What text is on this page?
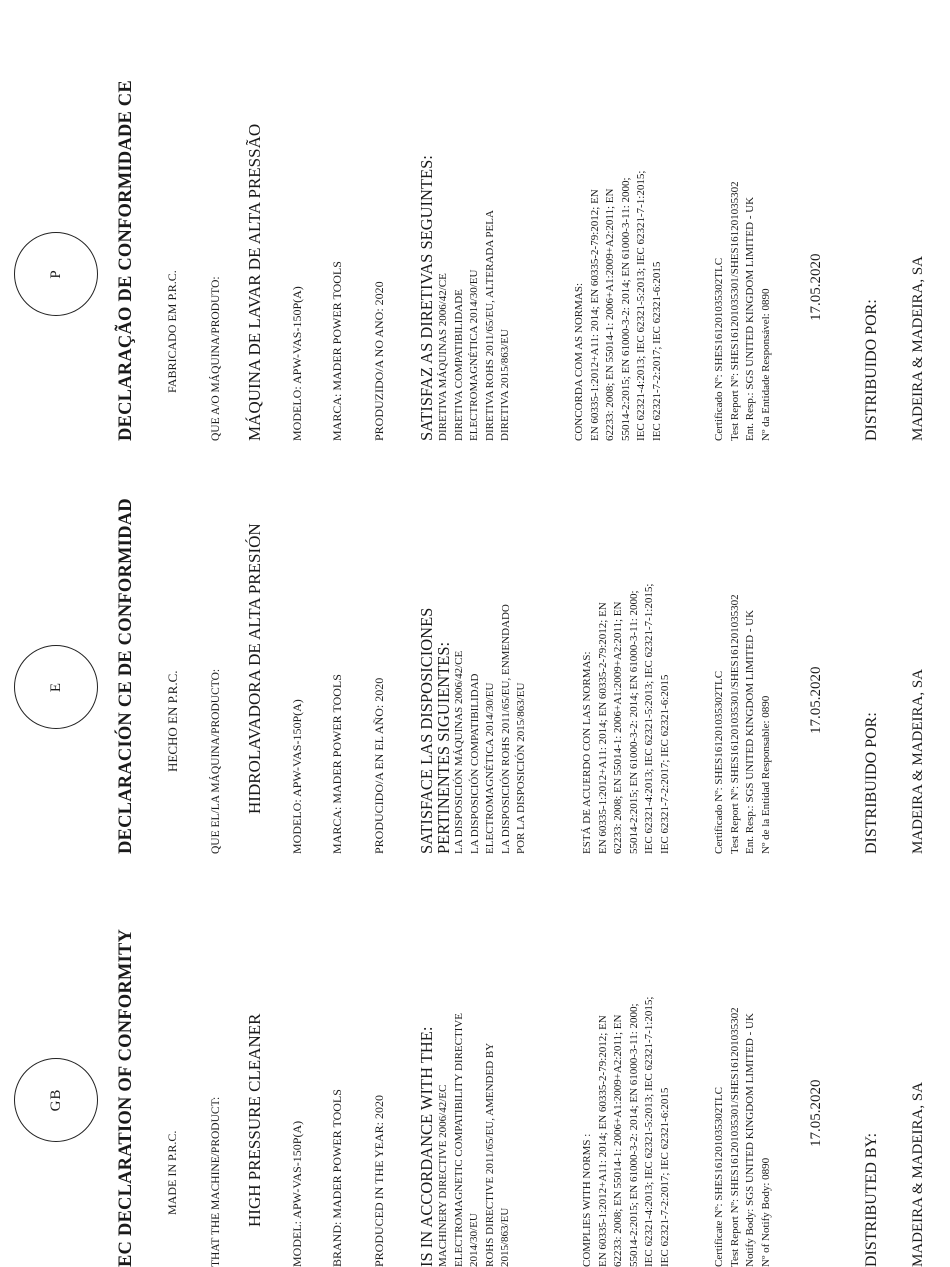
GB	EC DECLARATION OF CONFORMITY MADE IN P.R.C.	THAT THE MACHINE/PRODUCT: HIGH PRESSURE CLEANER MODEL: APW-VAS-150P(A) BRAND: MADER POWER TOOLS PRODUCED IN THE YEAR: 2020 IS IN ACCORDANCE WITH THE: MACHINERY DIRECTIVE 2006/42/EC ELECTROMAGNETIC COMPATIBILITY DIRECTIVE 2014/30/EU ROHS DIRECTIVE 2011/65/EU, AMENDED BY 2015/863/EU	COMPLIES WITH NORMS : EN 60335-1:2012+A11: 2014; EN 60335-2-79:2012; EN 62233: 2008; EN 55014-1: 2006+A1:2009+A2:2011; EN 55014-2:2015; EN 61000-3-2: 2014; EN 61000-3-11: 2000; IEC 62321-4:2013; IEC 62321-5:2013; IEC 62321-7-1:2015; IEC 62321-7-2:2017; IEC 62321-6:2015	Certificate Nº: SHES161201035302TLC Test Report Nº: SHES161201035301/SHES161201035302 Notify Body: SGS UNITED KINGDOM LIMITED - UK Nº of Notify Body: 0890
17.05.2020
DISTRIBUTED BY: MADEIRA & MADEIRA, SA
E	DECLARACIÓN CE DE CONFORMIDAD HECHO EN P.R.C.	QUE EL/LA MÁQUINA/PRODUCTO: HIDROLAVADORA DE ALTA PRESIÓN MODELO: APW-VAS-150P(A) MARCA: MADER POWER TOOLS PRODUCIDO/A EN EL AÑO: 2020 SATISFACE LAS DISPOSICIONES
PERTINENTES SIGUIENTES: LA DISPOSICIÓN MÁQUINAS 2006/42/CE LA DISPOSICIÓN COMPATIBILIDAD ELECTROMAGNÉTICA 2014/30/EU LA DISPOSICIÓN ROHS 2011/65/EU, ENMENDADO POR LA DISPOSICIÓN 2015/863/EU	ESTÁ DE ACUERDO CON LAS NORMAS: EN 60335-1:2012+A11: 2014; EN 60335-2-79:2012; EN 62233: 2008; EN 55014-1: 2006+A1:2009+A2:2011; EN 55014-2:2015; EN 61000-3-2: 2014; EN 61000-3-11: 2000; IEC 62321-4:2013; IEC 62321-5:2013; IEC 62321-7-1:2015; IEC 62321-7-2:2017; IEC 62321-6:2015	Certificado Nº: SHES161201035302TLC Test Report Nº: SHES161201035301/SHES161201035302 Ent. Resp.: SGS UNITED KINGDOM LIMITED - UK Nº de la Entidad Responsable: 0890 17.05.2020
DISTRIBUIDO POR: MADEIRA & MADEIRA, SA
P	DECLARAÇÃO DE CONFORMIDADE CE FABRICADO EM P.R.C.	QUE A/O MÁQUINA/PRODUTO: MÁQUINA DE LAVAR DE ALTA PRESSÃO MODELO: APW-VAS-150P(A) MARCA: MADER POWER TOOLS PRODUZIDO/A NO ANO: 2020 SATISFAZ AS DIRETIVAS SEGUINTES: DIRETIVA MÁQUINAS 2006/42/CE DIRETIVA COMPATIBILIDADE ELECTROMAGNÉTICA 2014/30/EU DIRETIVA ROHS 2011/65/EU, ALTERADA PELA DIRETIVA 2015/863/EU	CONCORDA COM AS NORMAS: EN 60335-1:2012+A11: 2014; EN 60335-2-79:2012; EN 62233: 2008; EN 55014-1: 2006+A1:2009+A2:2011; EN 55014-2:2015; EN 61000-3-2: 2014; EN 61000-3-11: 2000; IEC 62321-4:2013; IEC 62321-5:2013; IEC 62321-7-1:2015; IEC 62321-7-2:2017; IEC 62321-6:2015	Certificado Nº: SHES161201035302TLC Test Report Nº: SHES161201035301/SHES161201035302 Ent. Resp.: SGS UNITED KINGDOM LIMITED - UK Nº da Entidade Responsável: 0890
17.05.2020
DISTRIBUIDO POR: MADEIRA & MADEIRA, SA
